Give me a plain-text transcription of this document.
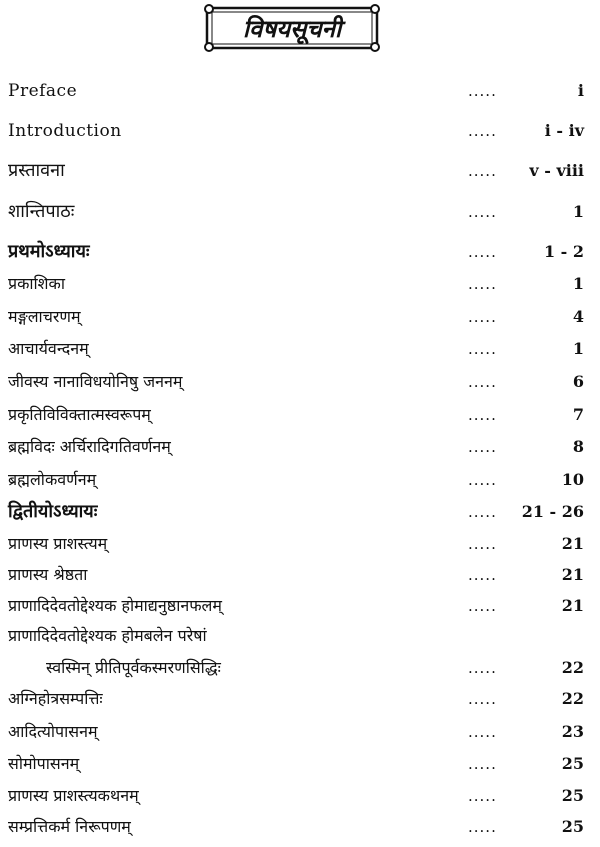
विषयसूचनी
Preface	.....	i
Introduction	.....	i - iv
प्रस्तावना	..... v - viii
शान्तिपाठः	.....	1
प्रथमोऽध्यायः	.....	1 - 2
प्रकाशिका	.....	1
मङ्गलाचरणम्	.....	4
आचार्यवन्दनम्	.....	1
जीवस्य नानाविधयोनिषु जननम्	.....	6
प्रकृतिविविक्तात्मस्वरूपम्	.....	7
ब्रह्मविदः अर्चिरादिगतिवर्णनम्	.....	8
ब्रह्मलोकवर्णनम्	.....	10
द्वितीयोऽध्यायः	..... 21 - 26
प्राणस्य प्राशस्त्यम्	.....	21
प्राणस्य श्रेष्ठता	.....	21
प्राणादिदेवतोद्देश्यक होमाद्यनुष्ठानफलम्	.....	21
प्राणादिदेवतोद्देश्यक होमबलेन परेषां
स्वस्मिन् प्रीतिपूर्वकस्मरणसिद्धिः	.....	22
अग्निहोत्रसम्पत्तिः	.....	22
आदित्योपासनम्	.....	23
सोमोपासनम्	.....	25
प्राणस्य प्राशस्त्यकथनम्	.....	25
सम्प्रत्तिकर्म निरूपणम्	.....	25
